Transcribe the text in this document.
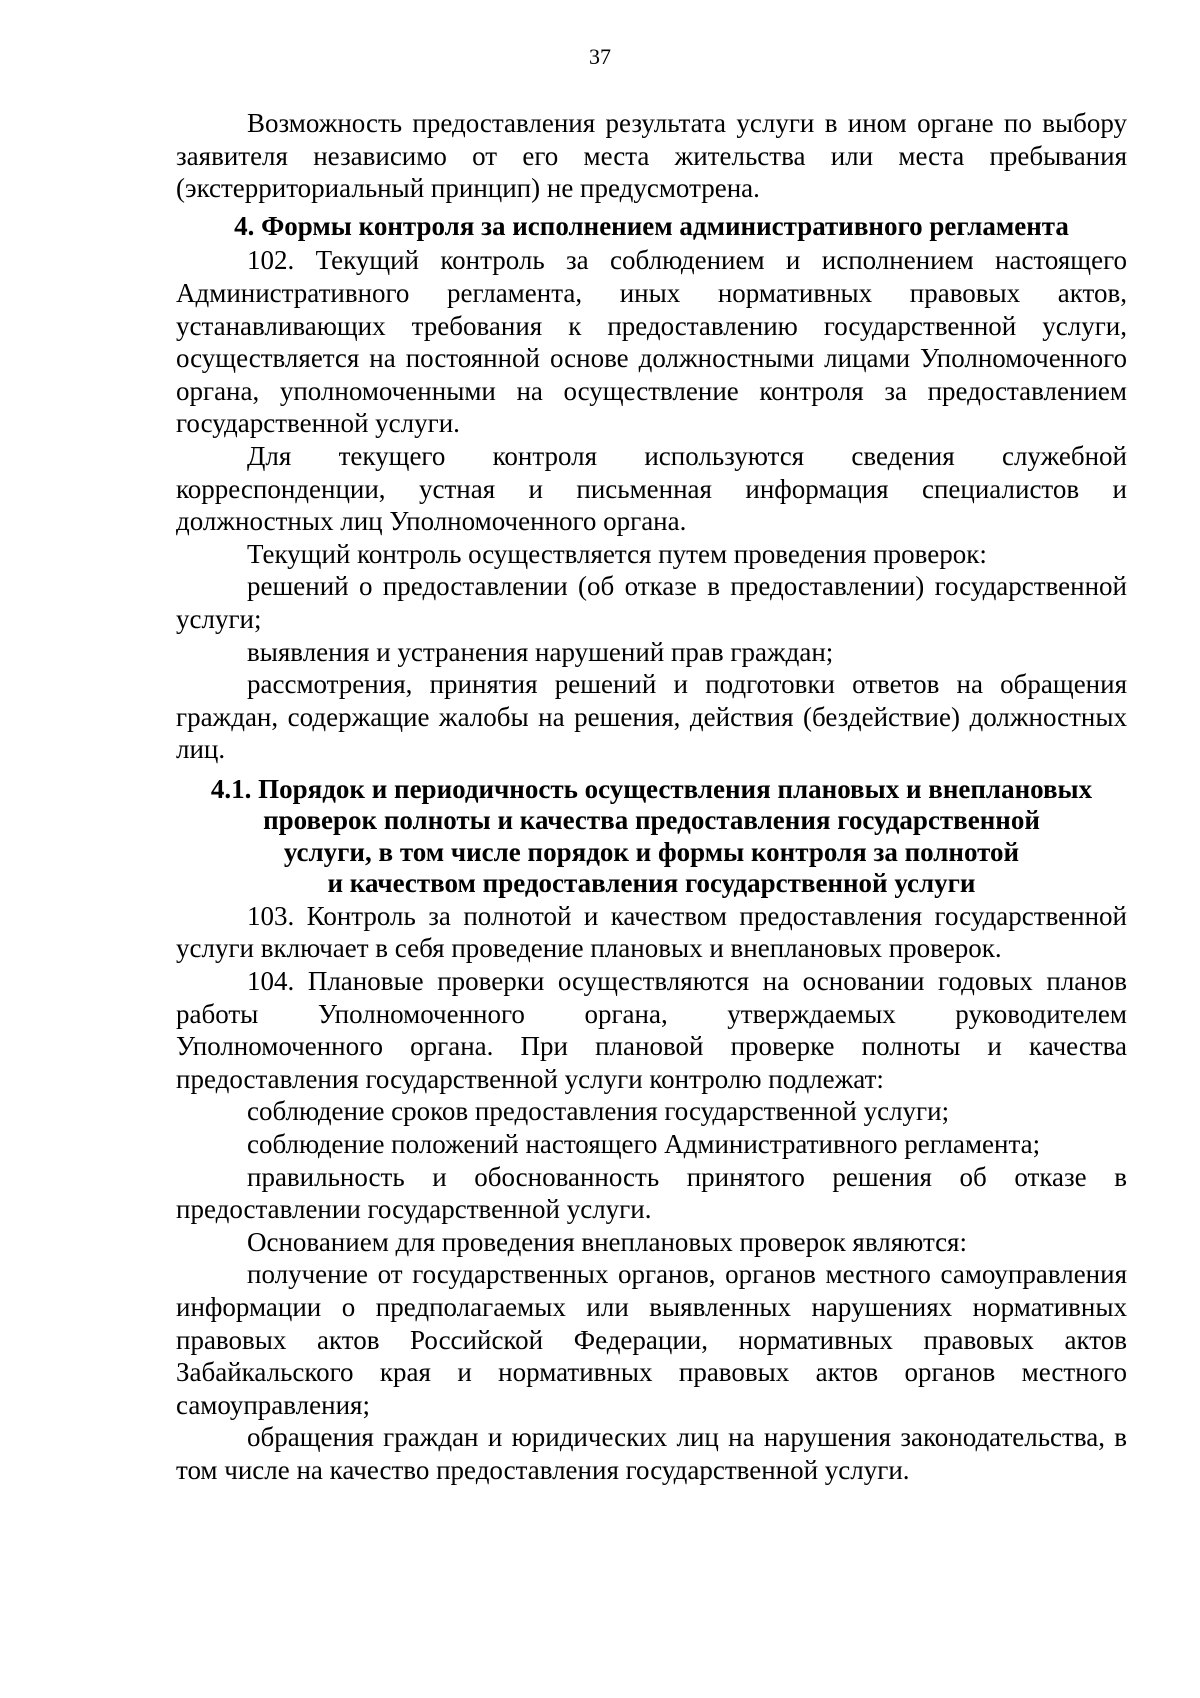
37

Возможность предоставления результата услуги в ином органе по выбору заявителя независимо от его места жительства или места пребывания (экстерриториальный принцип) не предусмотрена.

4. Формы контроля за исполнением административного регламента

102. Текущий контроль за соблюдением и исполнением настоящего Административного регламента, иных нормативных правовых актов, устанавливающих требования к предоставлению государственной услуги, осуществляется на постоянной основе должностными лицами Уполномоченного органа, уполномоченными на осуществление контроля за предоставлением государственной услуги.

Для текущего контроля используются сведения служебной корреспонденции, устная и письменная информация специалистов и должностных лиц Уполномоченного органа.

Текущий контроль осуществляется путем проведения проверок:

решений о предоставлении (об отказе в предоставлении) государственной услуги;

выявления и устранения нарушений прав граждан;

рассмотрения, принятия решений и подготовки ответов на обращения граждан, содержащие жалобы на решения, действия (бездействие) должностных лиц.

4.1. Порядок и периодичность осуществления плановых и внеплановых
проверок полноты и качества предоставления государственной
услуги, в том числе порядок и формы контроля за полнотой
и качеством предоставления государственной услуги

103. Контроль за полнотой и качеством предоставления государственной услуги включает в себя проведение плановых и внеплановых проверок.

104. Плановые проверки осуществляются на основании годовых планов работы Уполномоченного органа, утверждаемых руководителем Уполномоченного органа. При плановой проверке полноты и качества предоставления государственной услуги контролю подлежат:

соблюдение сроков предоставления государственной услуги;

соблюдение положений настоящего Административного регламента;

правильность и обоснованность принятого решения об отказе в предоставлении государственной услуги.

Основанием для проведения внеплановых проверок являются:

получение от государственных органов, органов местного самоуправления информации о предполагаемых или выявленных нарушениях нормативных правовых актов Российской Федерации, нормативных правовых актов Забайкальского края и нормативных правовых актов органов местного самоуправления;

обращения граждан и юридических лиц на нарушения законодательства, в том числе на качество предоставления государственной услуги.
